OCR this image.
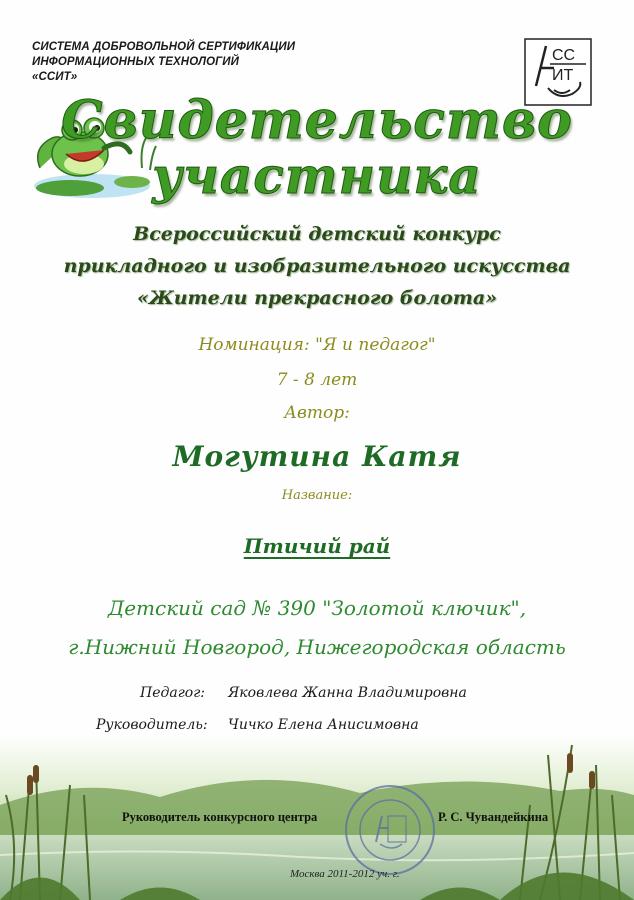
СИСТЕМА ДОБРОВОЛЬНОЙ СЕРТИФИКАЦИИ
ИНФОРМАЦИОННЫХ ТЕХНОЛОГИЙ
«ССИТ»
СС
ИТ
Свидетельство
участника
Всероссийский детский конкурс
прикладного и изобразительного искусства
«Жители прекрасного болота»
Номинация: "Я и педагог"
7 - 8 лет
Автор:
Могутина Катя
Название:
Птичий рай
Детский сад № 390 "Золотой ключик",
г.Нижний Новгород, Нижегородская область
Педагог: Яковлева Жанна Владимировна
Руководитель: Чичко Елена Анисимовна
Руководитель конкурсного центра	Р. С. Чувандейкина
Москва 2011-2012 уч. г.
